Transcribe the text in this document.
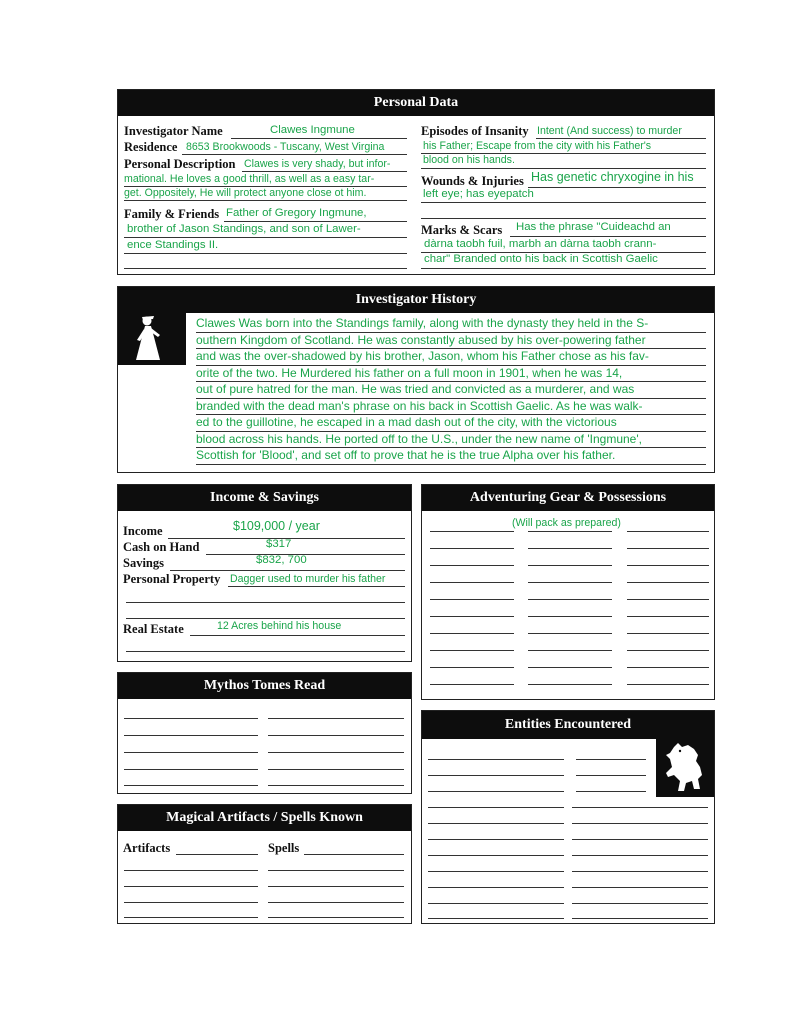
Personal Data
Investigator Name	Clawes Ingmune
Residence 8653 Brookwoods - Tuscany, West Virgina
Personal Description Clawes is very shady, but infor-
mational. He loves a good thrill, as well as a easy tar-
get. Oppositely, He will protect anyone close ot him.
Family & Friends Father of Gregory Ingmune,
brother of Jason Standings, and son of Lawer-
ence Standings II.
Episodes of Insanity Intent (And success) to murder
his Father; Escape from the city with his Father's
blood on his hands.
Wounds & Injuries Has genetic chryxogine in his
left eye; has eyepatch
Marks & Scars Has the phrase "Cuideachd an
dàrna taobh fuil, marbh an dàrna taobh crann-
char" Branded onto his back in Scottish Gaelic
Investigator History
Clawes Was born into the Standings family, along with the dynasty they held in the S-
outhern Kingdom of Scotland. He was constantly abused by his over-powering father
and was the over-shadowed by his brother, Jason, whom his Father chose as his fav-
orite of the two. He Murdered his father on a full moon in 1901, when he was 14,
out of pure hatred for the man. He was tried and convicted as a murderer, and was
branded with the dead man's phrase on his back in Scottish Gaelic. As he was walk-
ed to the guillotine, he escaped in a mad dash out of the city, with the victorious
blood across his hands. He ported off to the U.S., under the new name of 'Ingmune',
Scottish for 'Blood', and set off to prove that he is the true Alpha over his father.
Income & Savings
Income	$109,000 / year
Cash on Hand	$317
Savings	$832, 700
Personal Property Dagger used to murder his father
Real Estate	12 Acres behind his house
Adventuring Gear & Possessions
(Will pack as prepared)
Mythos Tomes Read
Entities Encountered
Magical Artifacts / Spells Known
Artifacts	Spells
